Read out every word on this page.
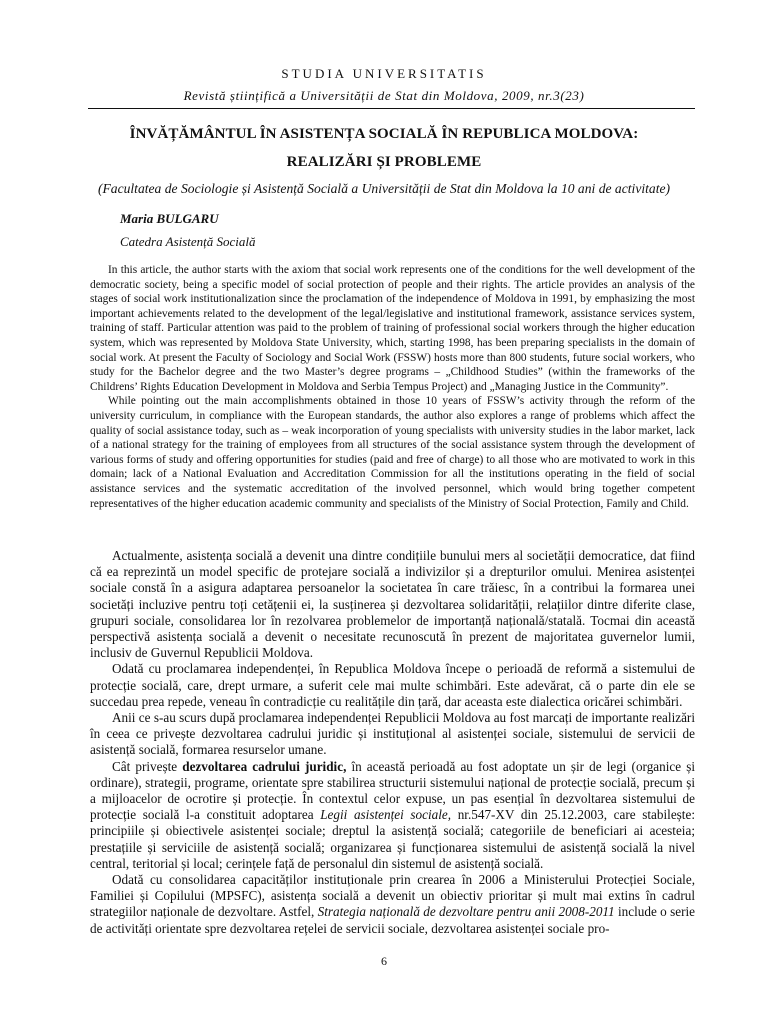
STUDIA UNIVERSITATIS
Revistă științifică a Universității de Stat din Moldova, 2009, nr.3(23)
ÎNVĂȚĂMÂNTUL ÎN ASISTENȚA SOCIALĂ ÎN REPUBLICA MOLDOVA:
REALIZĂRI ȘI PROBLEME
(Facultatea de Sociologie și Asistență Socială a Universității de Stat din Moldova la 10 ani de activitate)
Maria BULGARU
Catedra Asistență Socială

In this article, the author starts with the axiom that social work represents one of the conditions for the well development of the democratic society, being a specific model of social protection of people and their rights. The article provides an analysis of the stages of social work institutionalization since the proclamation of the independence of Moldova in 1991, by emphasizing the most important achievements related to the development of the legal/legislative and institutional framework, assistance services system, training of staff. Particular attention was paid to the problem of training of professional social workers through the higher education system, which was represented by Moldova State University, which, starting 1998, has been preparing specialists in the domain of social work. At present the Faculty of Sociology and Social Work (FSSW) hosts more than 800 students, future social workers, who study for the Bachelor degree and the two Master’s degree programs – „Childhood Studies” (within the frameworks of the Childrens’ Rights Education Development in Moldova and Serbia Tempus Project) and „Managing Justice in the Community”.

While pointing out the main accomplishments obtained in those 10 years of FSSW’s activity through the reform of the university curriculum, in compliance with the European standards, the author also explores a range of problems which affect the quality of social assistance today, such as – weak incorporation of young specialists with university studies in the labor market, lack of a national strategy for the training of employees from all structures of the social assistance system through the development of various forms of study and offering opportunities for studies (paid and free of charge) to all those who are motivated to work in this domain; lack of a National Evaluation and Accreditation Commission for all the institutions operating in the field of social assistance services and the systematic accreditation of the involved personnel, which would bring together competent representatives of the higher education academic community and specialists of the Ministry of Social Protection, Family and Child.

Actualmente, asistența socială a devenit una dintre condițiile bunului mers al societății democratice, dat fiind că ea reprezintă un model specific de protejare socială a indivizilor și a drepturilor omului. Menirea asistenței sociale constă în a asigura adaptarea persoanelor la societatea în care trăiesc, în a contribui la formarea unei societăți incluzive pentru toți cetățenii ei, la susținerea și dezvoltarea solidarității, relațiilor dintre diferite clase, grupuri sociale, consolidarea lor în rezolvarea problemelor de importanță națională/statală. Tocmai din această perspectivă asistența socială a devenit o necesitate recunoscută în prezent de majoritatea guvernelor lumii, inclusiv de Guvernul Republicii Moldova.

Odată cu proclamarea independenței, în Republica Moldova începe o perioadă de reformă a sistemului de protecție socială, care, drept urmare, a suferit cele mai multe schimbări. Este adevărat, că o parte din ele se succedau prea repede, veneau în contradicție cu realitățile din țară, dar aceasta este dialectica oricărei schimbări.

Anii ce s-au scurs după proclamarea independenței Republicii Moldova au fost marcați de importante realizări în ceea ce privește dezvoltarea cadrului juridic și instituțional al asistenței sociale, sistemului de servicii de asistență socială, formarea resurselor umane.

Cât privește dezvoltarea cadrului juridic, în această perioadă au fost adoptate un șir de legi (organice și ordinare), strategii, programe, orientate spre stabilirea structurii sistemului național de protecție socială, precum și a mijloacelor de ocrotire și protecție. În contextul celor expuse, un pas esențial în dezvoltarea sistemului de protecție socială l-a constituit adoptarea Legii asistenței sociale, nr.547-XV din 25.12.2003, care stabilește: principiile și obiectivele asistenței sociale; dreptul la asistență socială; categoriile de beneficiari ai acesteia; prestațiile și serviciile de asistență socială; organizarea și funcționarea sistemului de asistență socială la nivel central, teritorial și local; cerințele față de personalul din sistemul de asistență socială.

Odată cu consolidarea capacităților instituționale prin crearea în 2006 a Ministerului Protecției Sociale, Familiei și Copilului (MPSFC), asistența socială a devenit un obiectiv prioritar și mult mai extins în cadrul strategiilor naționale de dezvoltare. Astfel, Strategia națională de dezvoltare pentru anii 2008-2011 include o serie de activități orientate spre dezvoltarea rețelei de servicii sociale, dezvoltarea asistenței sociale pro-

6
